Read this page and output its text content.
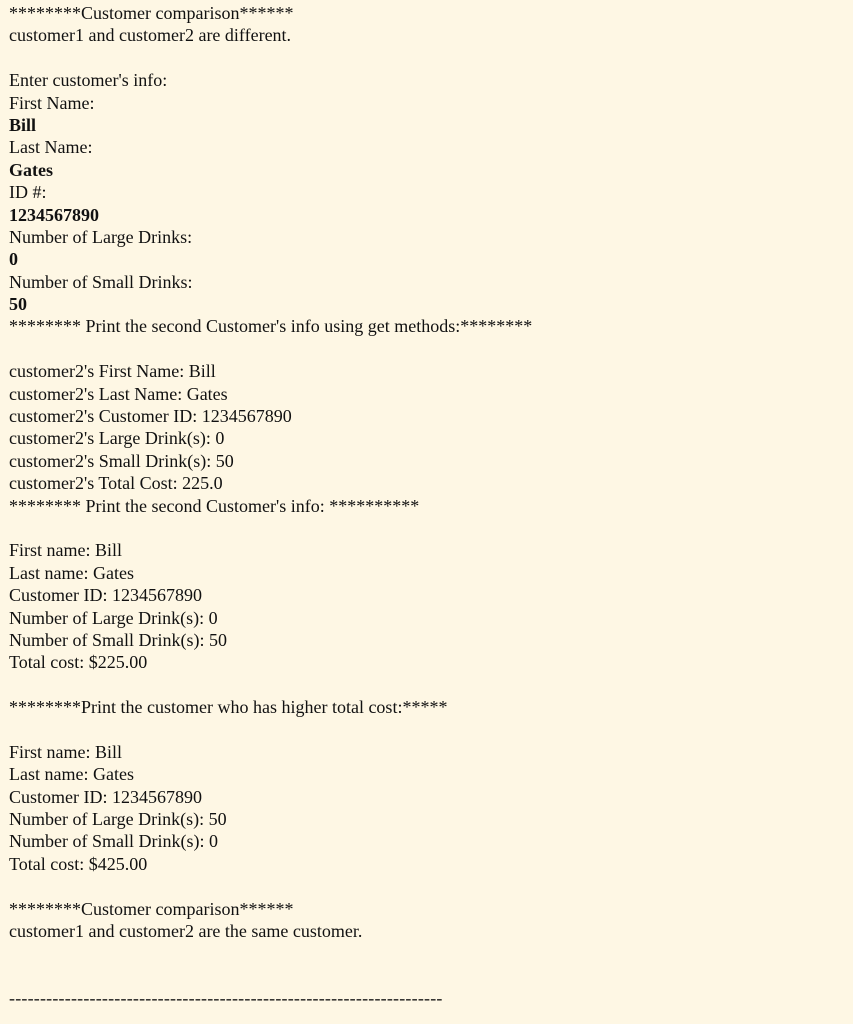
********Customer comparison******
customer1 and customer2 are different.
Enter customer's info:
First Name:
Bill
Last Name:
Gates
ID #:
1234567890
Number of Large Drinks:
0
Number of Small Drinks:
50
******** Print the second Customer's info using get methods:********
customer2's First Name: Bill
customer2's Last Name: Gates
customer2's Customer ID: 1234567890
customer2's Large Drink(s): 0
customer2's Small Drink(s): 50
customer2's Total Cost: 225.0
******** Print the second Customer's info: **********
First name: Bill
Last name: Gates
Customer ID: 1234567890
Number of Large Drink(s): 0
Number of Small Drink(s): 50
Total cost: $225.00
********Print the customer who has higher total cost:*****
First name: Bill
Last name: Gates
Customer ID: 1234567890
Number of Large Drink(s): 50
Number of Small Drink(s): 0
Total cost: $425.00
********Customer comparison******
customer1 and customer2 are the same customer.
----------------------------------------------------------------------
